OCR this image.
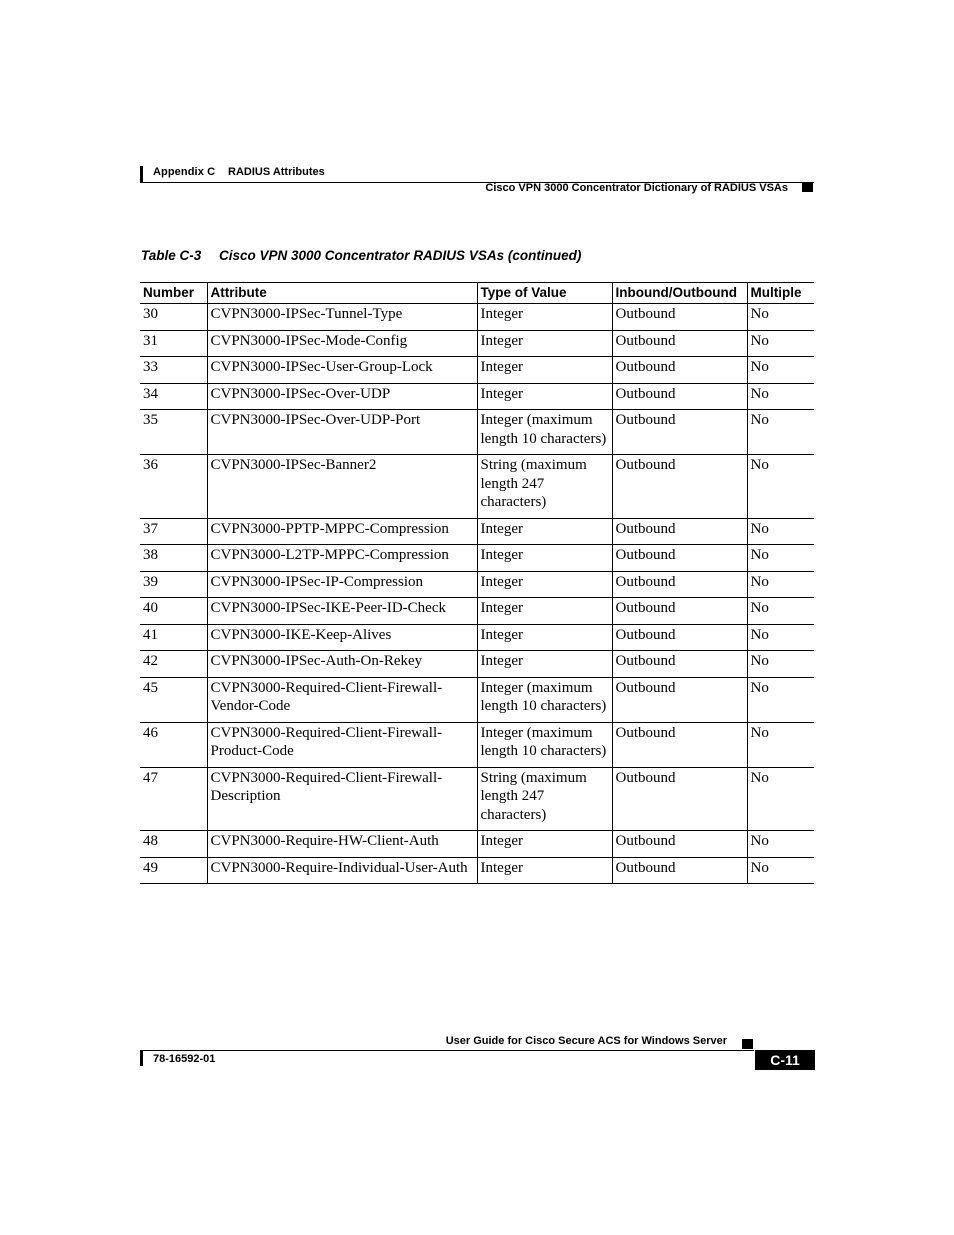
Appendix C RADIUS Attributes
Cisco VPN 3000 Concentrator Dictionary of RADIUS VSAs
Table C-3 Cisco VPN 3000 Concentrator RADIUS VSAs (continued)
Number	Attribute	Type of Value	Inbound/Outbound	Multiple
30	CVPN3000-IPSec-Tunnel-Type	Integer	Outbound	No
31	CVPN3000-IPSec-Mode-Config	Integer	Outbound	No
33	CVPN3000-IPSec-User-Group-Lock	Integer	Outbound	No
34	CVPN3000-IPSec-Over-UDP	Integer	Outbound	No
35	CVPN3000-IPSec-Over-UDP-Port	Integer (maximum length 10 characters)	Outbound	No
36	CVPN3000-IPSec-Banner2	String (maximum length 247 characters)	Outbound	No
37	CVPN3000-PPTP-MPPC-Compression	Integer	Outbound	No
38	CVPN3000-L2TP-MPPC-Compression	Integer	Outbound	No
39	CVPN3000-IPSec-IP-Compression	Integer	Outbound	No
40	CVPN3000-IPSec-IKE-Peer-ID-Check	Integer	Outbound	No
41	CVPN3000-IKE-Keep-Alives	Integer	Outbound	No
42	CVPN3000-IPSec-Auth-On-Rekey	Integer	Outbound	No
45	CVPN3000-Required-Client-Firewall-Vendor-Code	Integer (maximum length 10 characters)	Outbound	No
46	CVPN3000-Required-Client-Firewall-Product-Code	Integer (maximum length 10 characters)	Outbound	No
47	CVPN3000-Required-Client-Firewall-Description	String (maximum length 247 characters)	Outbound	No
48	CVPN3000-Require-HW-Client-Auth	Integer	Outbound	No
49	CVPN3000-Require-Individual-User-Auth	Integer	Outbound	No
User Guide for Cisco Secure ACS for Windows Server
78-16592-01	C-11
